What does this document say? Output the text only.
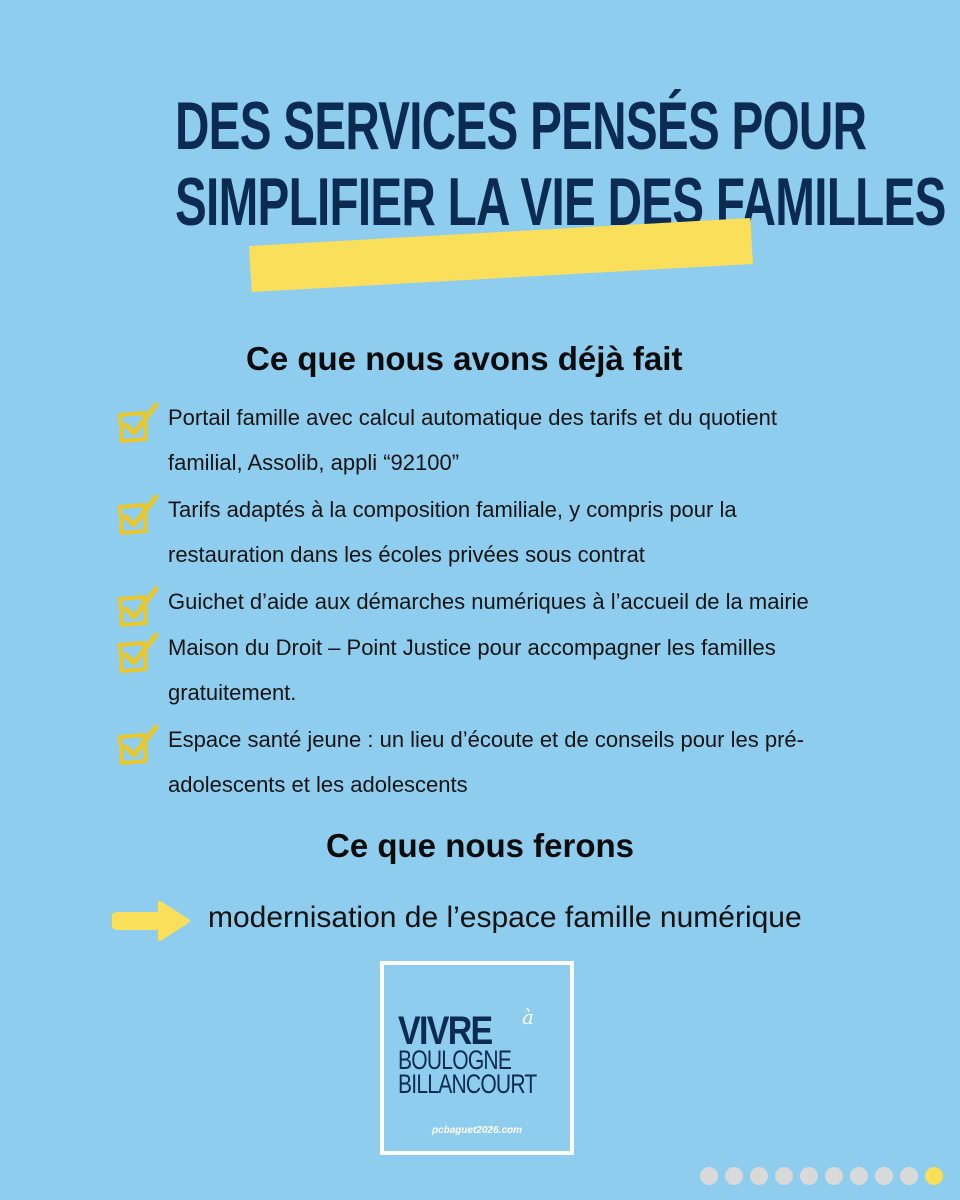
DES SERVICES PENSÉS POUR
SIMPLIFIER LA VIE DES FAMILLES
Ce que nous avons déjà fait
Portail famille avec calcul automatique des tarifs et du quotient
familial, Assolib, appli “92100”
Tarifs adaptés à la composition familiale, y compris pour la
restauration dans les écoles privées sous contrat
Guichet d’aide aux démarches numériques à l’accueil de la mairie
Maison du Droit – Point Justice pour accompagner les familles
gratuitement.
Espace santé jeune : un lieu d’écoute et de conseils pour les pré-
adolescents et les adolescents
Ce que nous ferons
modernisation de l’espace famille numérique
VIVRE à
BOULOGNE
BILLANCOURT
pcbaguet2026.com
